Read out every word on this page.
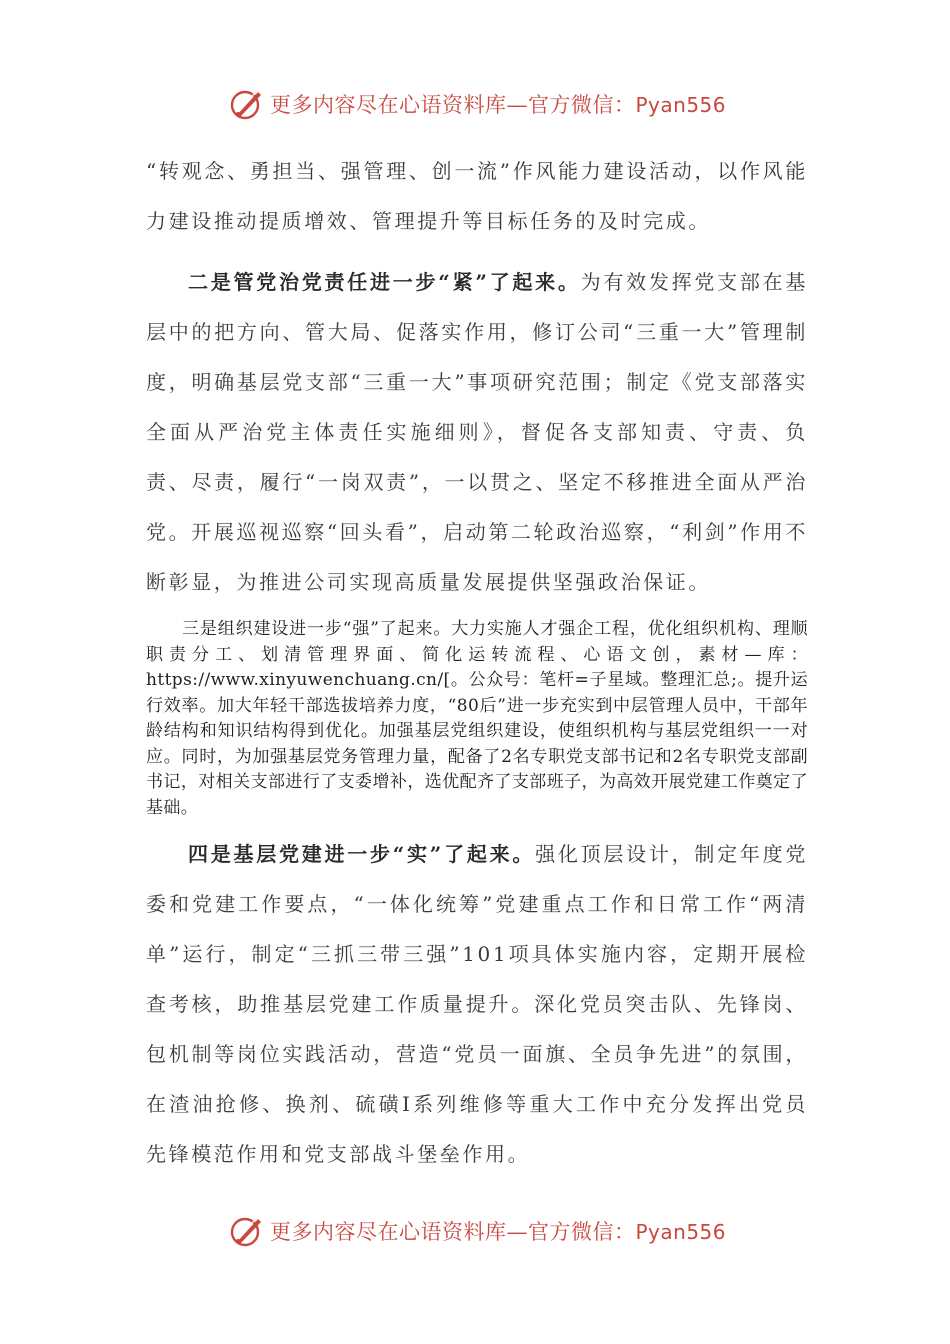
更多内容尽在心语资料库—官方微信：Pyan556

“转观念、勇担当、强管理、创一流”作风能力建设活动，以作风能力建设推动提质增效、管理提升等目标任务的及时完成。

二是管党治党责任进一步“紧”了起来。为有效发挥党支部在基层中的把方向、管大局、促落实作用，修订公司“三重一大”管理制度，明确基层党支部“三重一大”事项研究范围；制定《党支部落实全面从严治党主体责任实施细则》，督促各支部知责、守责、负责、尽责，履行“一岗双责”，一以贯之、坚定不移推进全面从严治党。开展巡视巡察“回头看”，启动第二轮政治巡察，“利剑”作用不断彰显，为推进公司实现高质量发展提供坚强政治保证。

三是组织建设进一步“强”了起来。大力实施人才强企工程，优化组织机构、理顺职责分工、划清管理界面、简化运转流程、心语文创，素材—库：https://www.xinyuwenchuang.cn/[。公众号：笔杆=子星域。整理汇总;。提升运行效率。加大年轻干部选拔培养力度，“80后”进一步充实到中层管理人员中，干部年龄结构和知识结构得到优化。加强基层党组织建设，使组织机构与基层党组织一一对应。同时，为加强基层党务管理力量，配备了2名专职党支部书记和2名专职党支部副书记，对相关支部进行了支委增补，选优配齐了支部班子，为高效开展党建工作奠定了基础。

四是基层党建进一步“实”了起来。强化顶层设计，制定年度党委和党建工作要点，“一体化统筹”党建重点工作和日常工作“两清单”运行，制定“三抓三带三强”101项具体实施内容，定期开展检查考核，助推基层党建工作质量提升。深化党员突击队、先锋岗、包机制等岗位实践活动，营造“党员一面旗、全员争先进”的氛围，在渣油抢修、换剂、硫磺Ⅰ系列维修等重大工作中充分发挥出党员先锋模范作用和党支部战斗堡垒作用。

更多内容尽在心语资料库—官方微信：Pyan556
